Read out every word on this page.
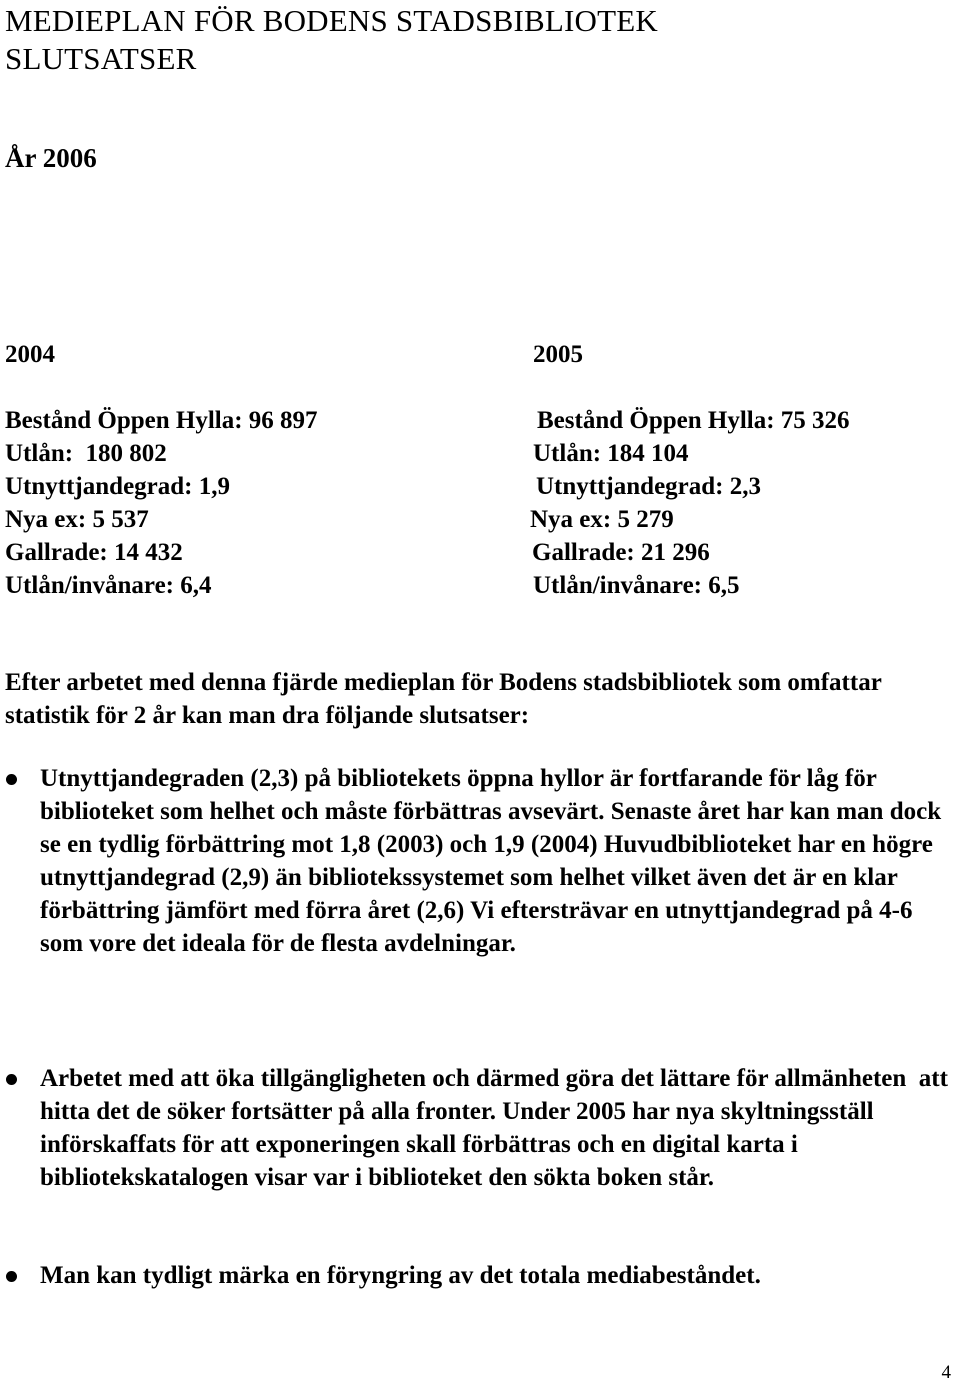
MEDIEPLAN FÖR BODENS STADSBIBLIOTEK
SLUTSATSER
År 2006
2004
Bestånd Öppen Hylla: 96 897
Utlån:  180 802
Utnyttjandegrad: 1,9
Nya ex: 5 537
Gallrade: 14 432
Utlån/invånare: 6,4
2005
Bestånd Öppen Hylla: 75 326
Utlån: 184 104
Utnyttjandegrad: 2,3
Nya ex: 5 279
Gallrade: 21 296
Utlån/invånare: 6,5

Efter arbetet med denna fjärde medieplan för Bodens stadsbibliotek som omfattar statistik för 2 år kan man dra följande slutsatser:

Utnyttjandegraden (2,3) på bibliotekets öppna hyllor är fortfarande för låg för biblioteket som helhet och måste förbättras avsevärt. Senaste året har kan man dock se en tydlig förbättring mot 1,8 (2003) och 1,9 (2004) Huvudbiblioteket har en högre utnyttjandegrad (2,9) än bibliotekssystemet som helhet vilket även det är en klar förbättring jämfört med förra året (2,6) Vi eftersträvar en utnyttjandegrad på 4-6 som vore det ideala för de flesta avdelningar.

Arbetet med att öka tillgängligheten och därmed göra det lättare för allmänheten  att hitta det de söker fortsätter på alla fronter. Under 2005 har nya skyltningsställ införskaffats för att exponeringen skall förbättras och en digital karta i bibliotekskatalogen visar var i biblioteket den sökta boken står.

Man kan tydligt märka en föryngring av det totala mediabeståndet.

4
